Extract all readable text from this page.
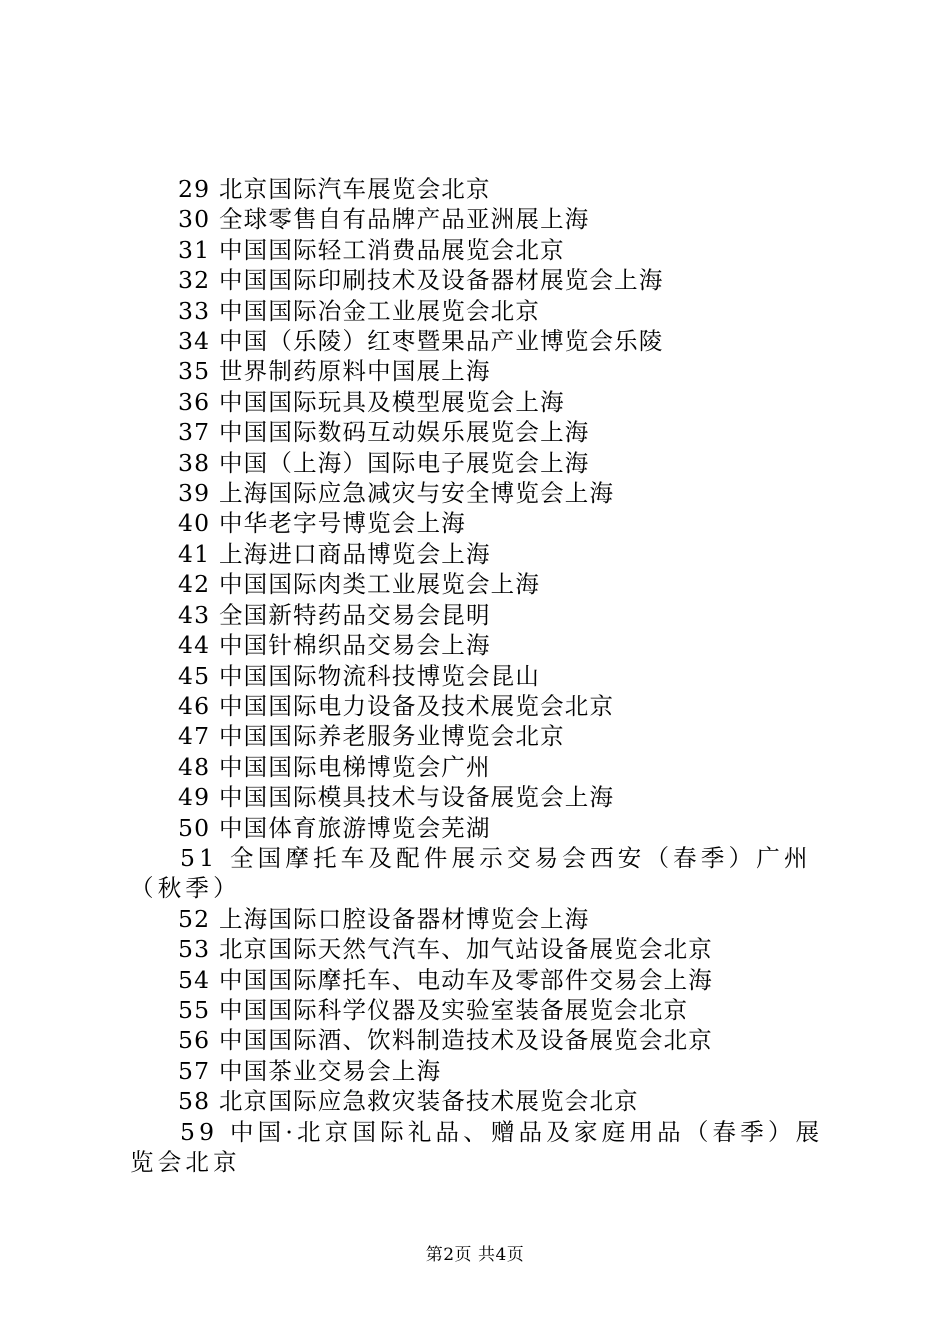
29 北京国际汽车展览会北京
30 全球零售自有品牌产品亚洲展上海
31 中国国际轻工消费品展览会北京
32 中国国际印刷技术及设备器材展览会上海
33 中国国际冶金工业展览会北京
34 中国（乐陵）红枣暨果品产业博览会乐陵
35 世界制药原料中国展上海
36 中国国际玩具及模型展览会上海
37 中国国际数码互动娱乐展览会上海
38 中国（上海）国际电子展览会上海
39 上海国际应急减灾与安全博览会上海
40 中华老字号博览会上海
41 上海进口商品博览会上海
42 中国国际肉类工业展览会上海
43 全国新特药品交易会昆明
44 中国针棉织品交易会上海
45 中国国际物流科技博览会昆山
46 中国国际电力设备及技术展览会北京
47 中国国际养老服务业博览会北京
48 中国国际电梯博览会广州
49 中国国际模具技术与设备展览会上海
50 中国体育旅游博览会芜湖
51 全国摩托车及配件展示交易会西安（春季）广州（秋季）
52 上海国际口腔设备器材博览会上海
53 北京国际天然气汽车、加气站设备展览会北京
54 中国国际摩托车、电动车及零部件交易会上海
55 中国国际科学仪器及实验室装备展览会北京
56 中国国际酒、饮料制造技术及设备展览会北京
57 中国茶业交易会上海
58 北京国际应急救灾装备技术展览会北京
59 中国·北京国际礼品、赠品及家庭用品（春季）展览会北京
第2页 共4页
